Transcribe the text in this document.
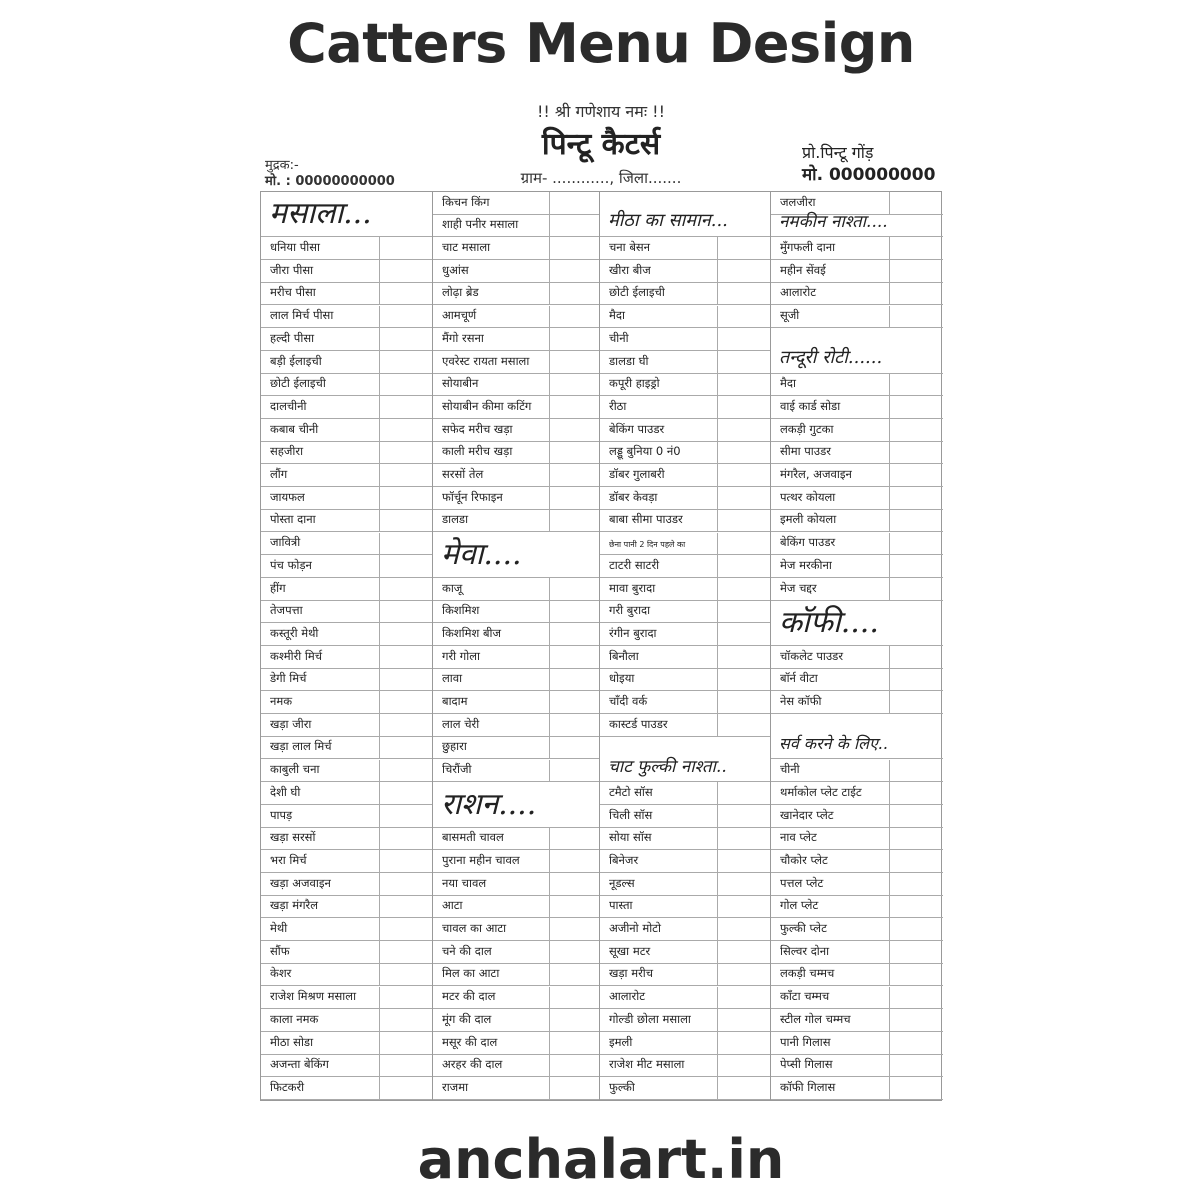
Catters Menu Design
!! श्री गणेशाय नमः !!
पिन्टू कैटर्स
ग्राम- ............, जिला.......
मुद्रक:-
मो. : 00000000000
प्रो.पिन्टू गोंड़
मो. 000000000
मसाला...
धनिया पीसा
जीरा पीसा
मरीच पीसा
लाल मिर्च पीसा
हल्दी पीसा
बड़ी ईलाइची
छोटी ईलाइची
दालचीनी
कबाब चीनी
सहजीरा
लौंग
जायफल
पोस्ता दाना
जावित्री
पंच फोड़न
हींग
तेजपत्ता
कस्तूरी मेथी
कश्मीरी मिर्च
डेगी मिर्च
नमक
खड़ा जीरा
खड़ा लाल मिर्च
काबुली चना
देशी घी
पापड़
खड़ा सरसों
भरा मिर्च
खड़ा अजवाइन
खड़ा मंगरैल
मेथी
सौंफ
केशर
राजेश मिश्रण मसाला
काला नमक
मीठा सोडा
अजन्ता बेकिंग
फिटकरी
किचन किंग
शाही पनीर मसाला
चाट मसाला
धुआंस
लोढ़ा ब्रेड
आमचूर्ण
मैंगो रसना
एवरेस्ट रायता मसाला
सोयाबीन
सोयाबीन कीमा कटिंग
सफेद मरीच खड़ा
काली मरीच खड़ा
सरसों तेल
फॉर्चून रिफाइन
डालडा
मेवा....
काजू
किशमिश
किशमिश बीज
गरी गोला
लावा
बादाम
लाल चेरी
छुहारा
चिरौंजी
राशन....
बासमती चावल
पुराना महीन चावल
नया चावल
आटा
चावल का आटा
चने की दाल
मिल का आटा
मटर की दाल
मूंग की दाल
मसूर की दाल
अरहर की दाल
राजमा
मीठा का सामान...
चना बेसन
खीरा बीज
छोटी ईलाइची
मैदा
चीनी
डालडा घी
कपूरी हाइड्रो
रीठा
बेकिंग पाउडर
लड्डू बुनिया 0 नं0
डॉबर गुलाबरी
डॉबर केवड़ा
बाबा सीमा पाउडर
छेना पानी 2 दिन पहले का
टाटरी साटरी
मावा बुरादा
गरी बुरादा
रंगीन बुरादा
बिनौला
धोइया
चाँदी वर्क
कास्टर्ड पाउडर
चाट फुल्की नाश्ता..
टमैटो सॉस
चिली सॉस
सोया सॉस
बिनेजर
नूडल्स
पास्ता
अजीनो मोटो
सूखा मटर
खड़ा मरीच
आलारोट
गोल्डी छोला मसाला
इमली
राजेश मीट मसाला
फुल्की
जलजीरा
नमकीन नाश्ता....
मुँगफली दाना
महीन सेंवई
आलारोट
सूजी
तन्दूरी रोटी......
मैदा
वाई कार्ड सोडा
लकड़ी गुटका
सीमा पाउडर
मंगरैल, अजवाइन
पत्थर कोयला
इमली कोयला
बेकिंग पाउडर
मेज मरकीना
मेज चद्दर
कॉफी....
चॉकलेट पाउडर
बॉर्न वीटा
नेस कॉफी
सर्व करने के लिए..
चीनी
थर्माकोल प्लेट टाईट
खानेदार प्लेट
नाव प्लेट
चौकोर प्लेट
पत्तल प्लेट
गोल प्लेट
फुल्की प्लेट
सिल्वर दोना
लकड़ी चम्मच
काँटा चम्मच
स्टील गोल चम्मच
पानी गिलास
पेप्सी गिलास
कॉफी गिलास
anchalart.in
